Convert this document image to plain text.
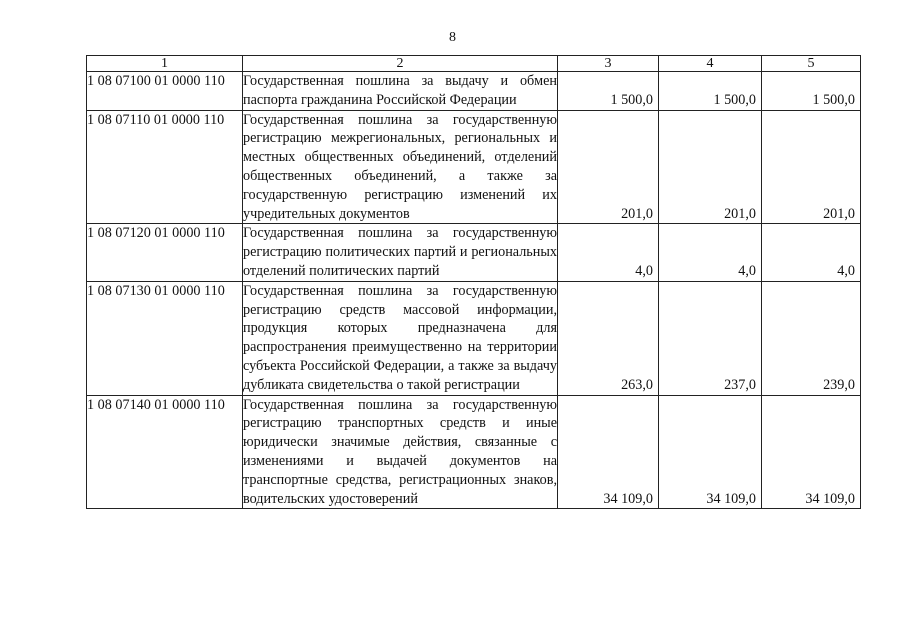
8
1	2	3	4	5
1 08 07100 01 0000 110	Государственная пошлина за выдачу и обмен паспорта гражданина Российской Федерации	1 500,0	1 500,0	1 500,0
1 08 07110 01 0000 110	Государственная пошлина за государственную регистрацию межрегиональных, региональных и местных общественных объединений, отделений общественных объединений, а также за государственную регистрацию изменений их учредительных документов	201,0	201,0	201,0
1 08 07120 01 0000 110	Государственная пошлина за государственную регистрацию политических партий и региональных отделений политических партий	4,0	4,0	4,0
1 08 07130 01 0000 110	Государственная пошлина за государственную регистрацию средств массовой информации, продукция которых предназначена для распространения преимущественно на территории субъекта Российской Федерации, а также за выдачу дубликата свидетельства о такой регистрации	263,0	237,0	239,0
1 08 07140 01 0000 110	Государственная пошлина за государственную регистрацию транспортных средств и иные юридически значимые действия, связанные с изменениями и выдачей документов на транспортные средства, регистрационных знаков, водительских удостоверений	34 109,0	34 109,0	34 109,0
